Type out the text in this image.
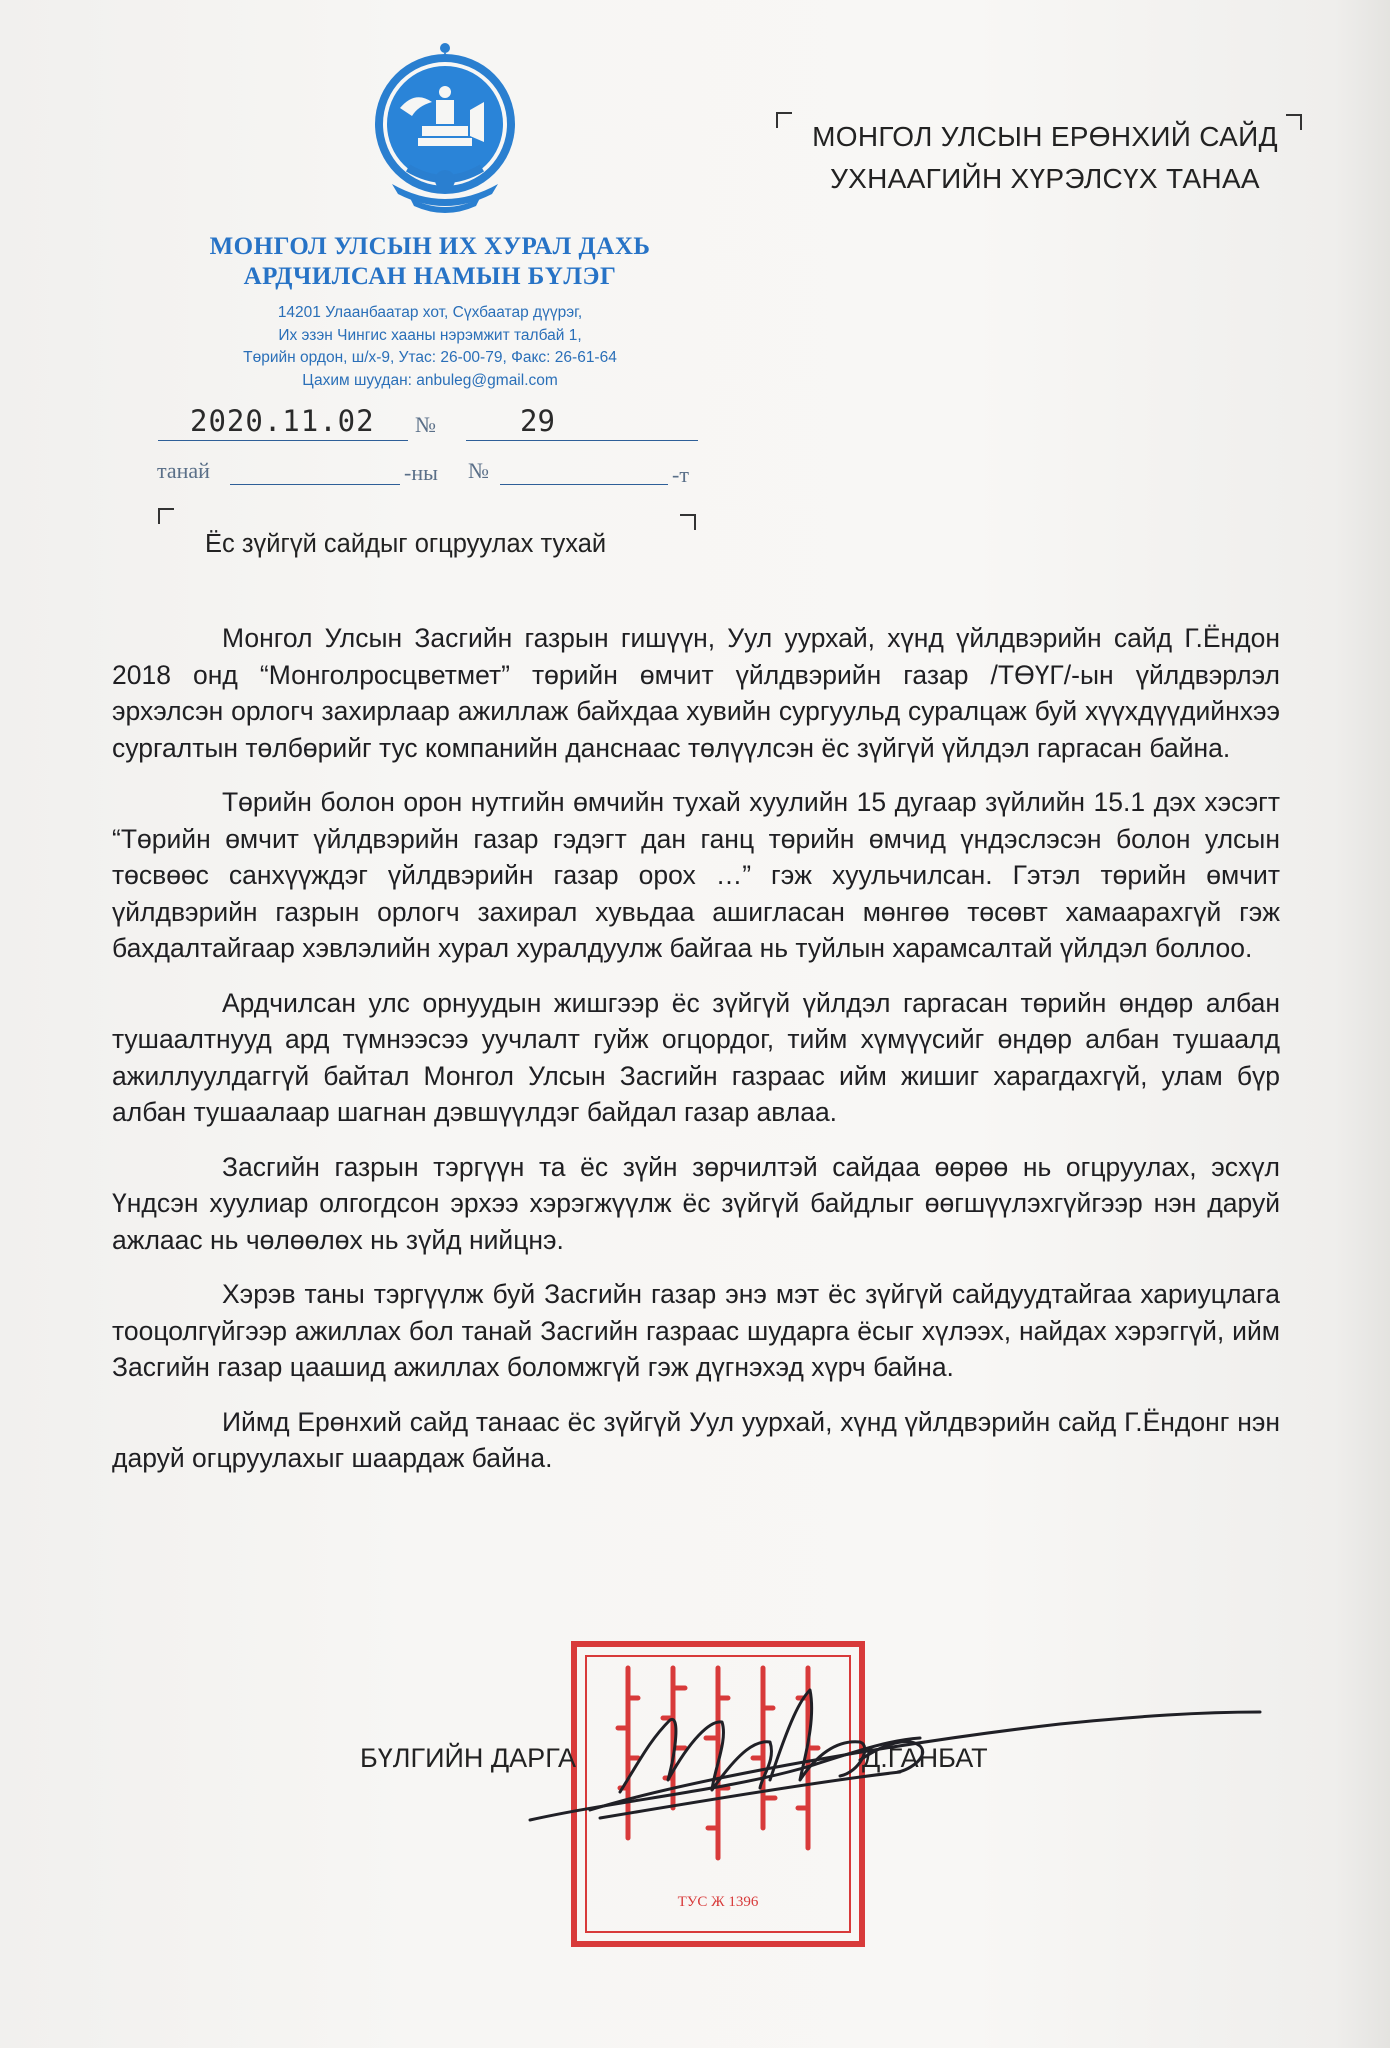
МОНГОЛ УЛСЫН ИХ ХУРАЛ ДАХЬ
АРДЧИЛСАН НАМЫН БҮЛЭГ
14201 Улаанбаатар хот, Сүхбаатар дүүрэг,
Их эзэн Чингис хааны нэрэмжит талбай 1,
Төрийн ордон, ш/х-9, Утас: 26-00-79, Факс: 26-61-64
Цахим шуудан: anbuleg@gmail.com
2020.11.02 №	29
танай	-ны №	-т
МОНГОЛ УЛСЫН ЕРӨНХИЙ САЙД
УХНААГИЙН ХҮРЭЛСҮХ ТАНАА
Ёс зүйгүй сайдыг огцруулах тухай

Монгол Улсын Засгийн газрын гишүүн, Уул уурхай, хүнд үйлдвэрийн сайд Г.Ёндон 2018 онд “Монголросцветмет” төрийн өмчит үйлдвэрийн газар /ТӨҮГ/-ын үйлдвэрлэл эрхэлсэн орлогч захирлаар ажиллаж байхдаа хувийн сургуульд суралцаж буй хүүхдүүдийнхээ сургалтын төлбөрийг тус компанийн данснаас төлүүлсэн ёс зүйгүй үйлдэл гаргасан байна.

Төрийн болон орон нутгийн өмчийн тухай хуулийн 15 дугаар зүйлийн 15.1 дэх хэсэгт “Төрийн өмчит үйлдвэрийн газар гэдэгт дан ганц төрийн өмчид үндэслэсэн болон улсын төсвөөс санхүүждэг үйлдвэрийн газар орох …” гэж хуульчилсан. Гэтэл төрийн өмчит үйлдвэрийн газрын орлогч захирал хувьдаа ашигласан мөнгөө төсөвт хамаарахгүй гэж бахдалтайгаар хэвлэлийн хурал хуралдуулж байгаа нь туйлын харамсалтай үйлдэл боллоо.

Ардчилсан улс орнуудын жишгээр ёс зүйгүй үйлдэл гаргасан төрийн өндөр албан тушаалтнууд ард түмнээсээ уучлалт гуйж огцордог, тийм хүмүүсийг өндөр албан тушаалд ажиллуулдаггүй байтал Монгол Улсын Засгийн газраас ийм жишиг харагдахгүй, улам бүр албан тушаалаар шагнан дэвшүүлдэг байдал газар авлаа.

Засгийн газрын тэргүүн та ёс зүйн зөрчилтэй сайдаа өөрөө нь огцруулах, эсхүл Үндсэн хуулиар олгогдсон эрхээ хэрэгжүүлж ёс зүйгүй байдлыг өөгшүүлэхгүйгээр нэн даруй ажлаас нь чөлөөлөх нь зүйд нийцнэ.

Хэрэв таны тэргүүлж буй Засгийн газар энэ мэт ёс зүйгүй сайдуудтайгаа хариуцлага тооцолгүйгээр ажиллах бол танай Засгийн газраас шударга ёсыг хүлээх, найдах хэрэггүй, ийм Засгийн газар цаашид ажиллах боломжгүй гэж дүгнэхэд хүрч байна.

Иймд Ерөнхий сайд танаас ёс зүйгүй Уул уурхай, хүнд үйлдвэрийн сайд Г.Ёндонг нэн даруй огцруулахыг шаардаж байна.

ТУС Ж 1396
БҮЛГИЙН ДАРГА	Д.ГАНБАТ
